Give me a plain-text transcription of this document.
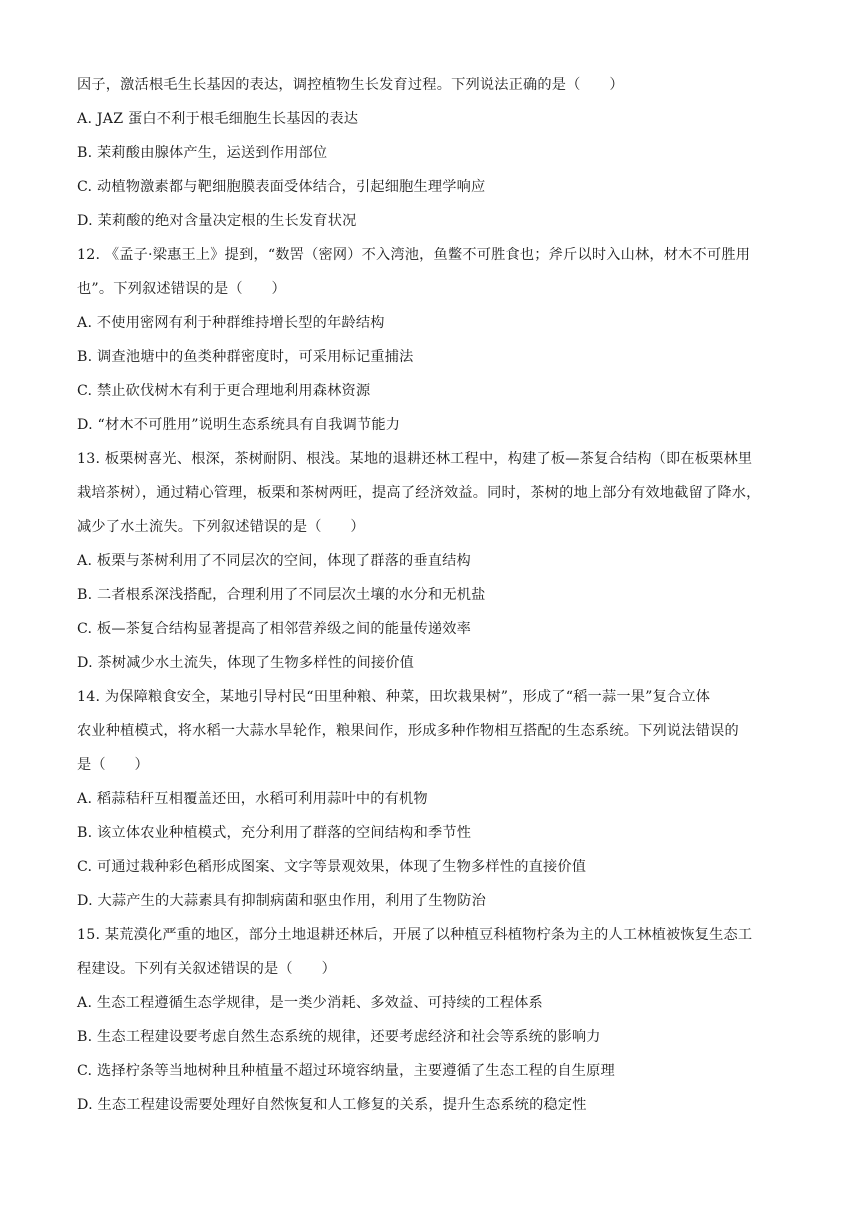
因子，激活根毛生长基因的表达，调控植物生长发育过程。下列说法正确的是（　　）
A. JAZ 蛋白不利于根毛细胞生长基因的表达
B. 茉莉酸由腺体产生，运送到作用部位
C. 动植物激素都与靶细胞膜表面受体结合，引起细胞生理学响应
D. 茉莉酸的绝对含量决定根的生长发育状况
12. 《孟子·梁惠王上》提到，“数罟（密网）不入湾池，鱼鳖不可胜食也；斧斤以时入山林，材木不可胜用
也”。下列叙述错误的是（　　）
A. 不使用密网有利于种群维持增长型的年龄结构
B. 调查池塘中的鱼类种群密度时，可采用标记重捕法
C. 禁止砍伐树木有利于更合理地利用森林资源
D. “材木不可胜用”说明生态系统具有自我调节能力
13. 板栗树喜光、根深，茶树耐阴、根浅。某地的退耕还林工程中，构建了板—茶复合结构（即在板栗林里
栽培茶树），通过精心管理，板栗和茶树两旺，提高了经济效益。同时，茶树的地上部分有效地截留了降水，
减少了水土流失。下列叙述错误的是（　　）
A. 板栗与茶树利用了不同层次的空间，体现了群落的垂直结构
B. 二者根系深浅搭配，合理利用了不同层次土壤的水分和无机盐
C. 板—茶复合结构显著提高了相邻营养级之间的能量传递效率
D. 茶树减少水土流失，体现了生物多样性的间接价值
14. 为保障粮食安全，某地引导村民“田里种粮、种菜，田坎栽果树”，形成了“稻一蒜一果”复合立体
农业种植模式，将水稻一大蒜水旱轮作，粮果间作，形成多种作物相互搭配的生态系统。下列说法错误的
是（　　）
A. 稻蒜秸秆互相覆盖还田，水稻可利用蒜叶中的有机物
B. 该立体农业种植模式，充分利用了群落的空间结构和季节性
C. 可通过栽种彩色稻形成图案、文字等景观效果，体现了生物多样性的直接价值
D. 大蒜产生的大蒜素具有抑制病菌和驱虫作用，利用了生物防治
15. 某荒漠化严重的地区，部分土地退耕还林后，开展了以种植豆科植物柠条为主的人工林植被恢复生态工
程建设。下列有关叙述错误的是（　　）
A. 生态工程遵循生态学规律，是一类少消耗、多效益、可持续的工程体系
B. 生态工程建设要考虑自然生态系统的规律，还要考虑经济和社会等系统的影响力
C. 选择柠条等当地树种且种植量不超过环境容纳量，主要遵循了生态工程的自生原理
D. 生态工程建设需要处理好自然恢复和人工修复的关系，提升生态系统的稳定性
